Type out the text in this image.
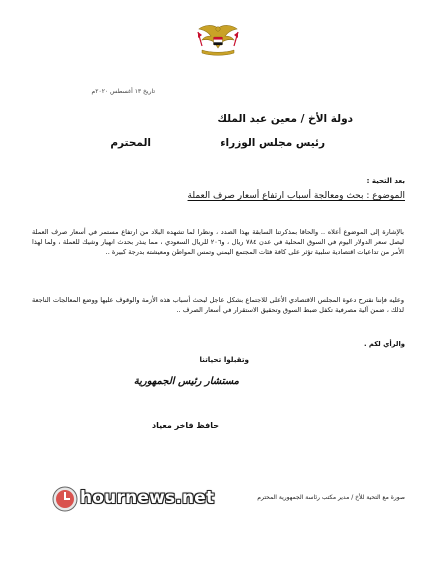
تاريخ ١٣ أغسطس ٢٠٢٠م
دولة الأخ / معين عبد الملك
رئيس مجلس الوزراء
المحترم
بعد التحية :
الموضوع : بحث ومعالجة أسباب ارتفاع أسعار صرف العملة
بالإشارة إلى الموضوع أعلاه .. والحاقا بمذكرتنا السابقة بهذا الصدد ، ونظرا لما تشهده البلاد من ارتفاع مستمر في أسعار صرف العملة ليصل سعر الدولار اليوم في السوق المحلية في عدن ٧٨٤ ريال ، و٢٠٦ للريال السعودي ، مما ينذر بحدث انهيار وشيك للعملة ، ولما لهذا الأمر من تداعيات اقتصادية سلبية تؤثر على كافة فئات المجتمع اليمني وتمس المواطن ومعيشته بدرجة كبيرة ..
وعليه فإننا نقترح دعوة المجلس الاقتصادي الأعلى للاجتماع بشكل عاجل لبحث أسباب هذه الأزمة والوقوف عليها ووضع المعالجات الناجعة لذلك ، ضمن آلية مصرفية تكفل ضبط السوق وتحقيق الاستقرار في أسعار الصرف ..
والرأي لكم .
وتقبلوا تحياتنا
مستشار رئيس الجمهورية
حافظ فاخر معياد
hournews.net	صورة مع التحية للأخ / مدير مكتب رئاسة الجمهورية المحترم
